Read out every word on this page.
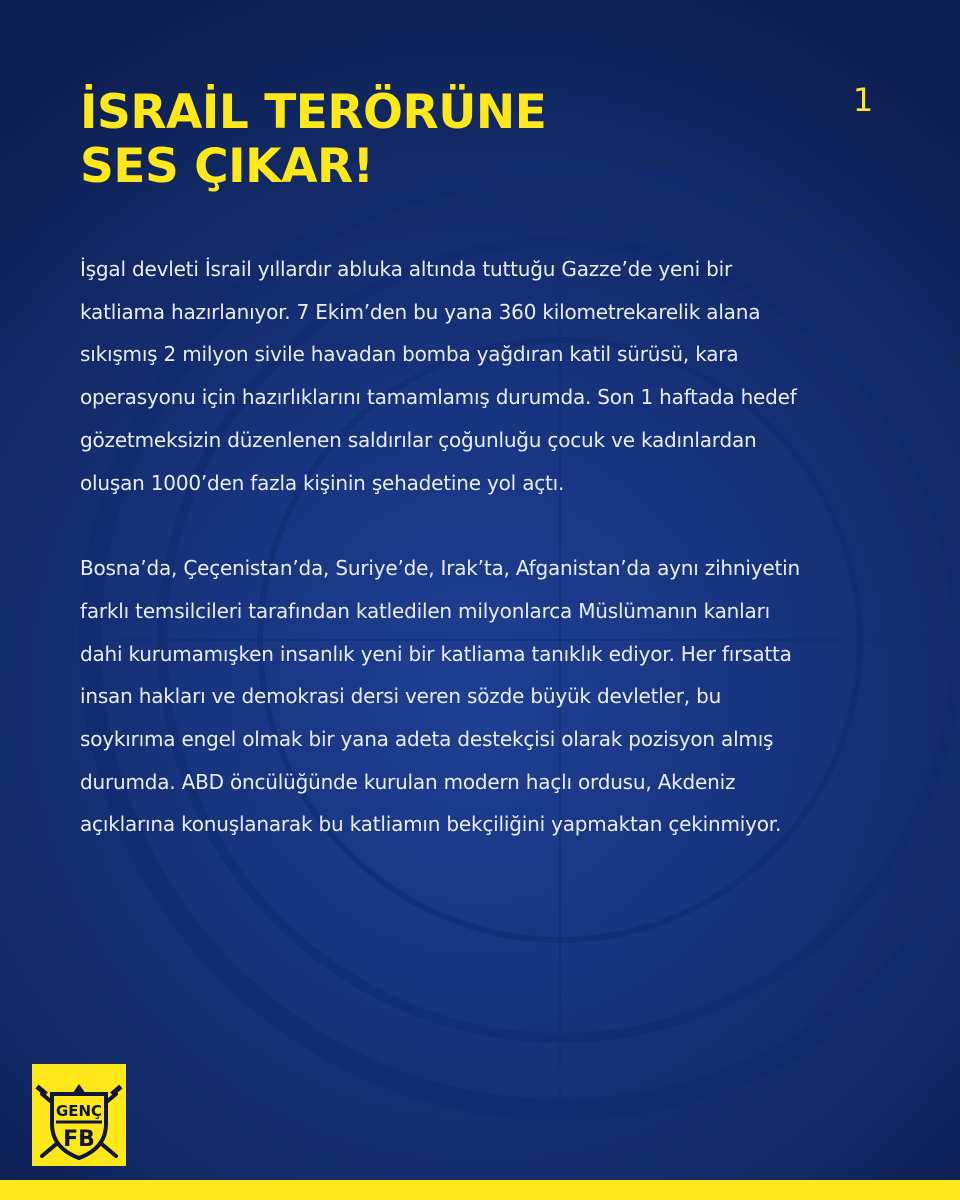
İSRAİL TERÖRÜNE
SES ÇIKAR!
1

İşgal devleti İsrail yıllardır abluka altında tuttuğu Gazze’de yeni bir
katliama hazırlanıyor. 7 Ekim’den bu yana 360 kilometrekarelik alana
sıkışmış 2 milyon sivile havadan bomba yağdıran katil sürüsü, kara
operasyonu için hazırlıklarını tamamlamış durumda. Son 1 haftada hedef
gözetmeksizin düzenlenen saldırılar çoğunluğu çocuk ve kadınlardan
oluşan 1000’den fazla kişinin şehadetine yol açtı.

Bosna’da, Çeçenistan’da, Suriye’de, Irak’ta, Afganistan’da aynı zihniyetin
farklı temsilcileri tarafından katledilen milyonlarca Müslümanın kanları
dahi kurumamışken insanlık yeni bir katliama tanıklık ediyor. Her fırsatta
insan hakları ve demokrasi dersi veren sözde büyük devletler, bu
soykırıma engel olmak bir yana adeta destekçisi olarak pozisyon almış
durumda. ABD öncülüğünde kurulan modern haçlı ordusu, Akdeniz
açıklarına konuşlanarak bu katliamın bekçiliğini yapmaktan çekinmiyor.

GENÇ
FB
